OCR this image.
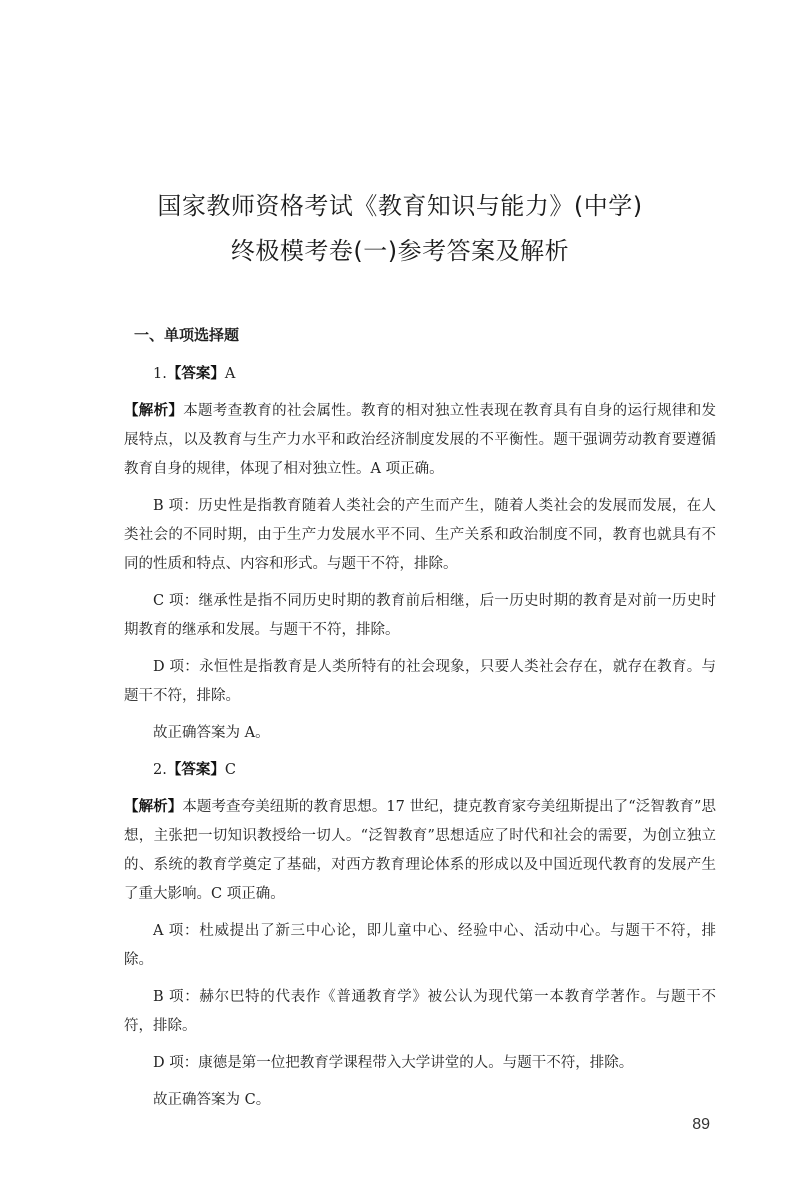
国家教师资格考试《教育知识与能力》(中学)
终极模考卷(一)参考答案及解析
一、单项选择题

1.【答案】A

【解析】本题考查教育的社会属性。教育的相对独立性表现在教育具有自身的运行规律和发展特点，以及教育与生产力水平和政治经济制度发展的不平衡性。题干强调劳动教育要遵循教育自身的规律，体现了相对独立性。A 项正确。

B 项：历史性是指教育随着人类社会的产生而产生，随着人类社会的发展而发展，在人类社会的不同时期，由于生产力发展水平不同、生产关系和政治制度不同，教育也就具有不同的性质和特点、内容和形式。与题干不符，排除。

C 项：继承性是指不同历史时期的教育前后相继，后一历史时期的教育是对前一历史时期教育的继承和发展。与题干不符，排除。

D 项：永恒性是指教育是人类所特有的社会现象，只要人类社会存在，就存在教育。与题干不符，排除。

故正确答案为 A。

2.【答案】C

【解析】本题考查夸美纽斯的教育思想。17 世纪，捷克教育家夸美纽斯提出了“泛智教育”思想，主张把一切知识教授给一切人。“泛智教育”思想适应了时代和社会的需要，为创立独立的、系统的教育学奠定了基础，对西方教育理论体系的形成以及中国近现代教育的发展产生了重大影响。C 项正确。

A 项：杜威提出了新三中心论，即儿童中心、经验中心、活动中心。与题干不符，排除。

B 项：赫尔巴特的代表作《普通教育学》被公认为现代第一本教育学著作。与题干不符，排除。

D 项：康德是第一位把教育学课程带入大学讲堂的人。与题干不符，排除。

故正确答案为 C。

89
